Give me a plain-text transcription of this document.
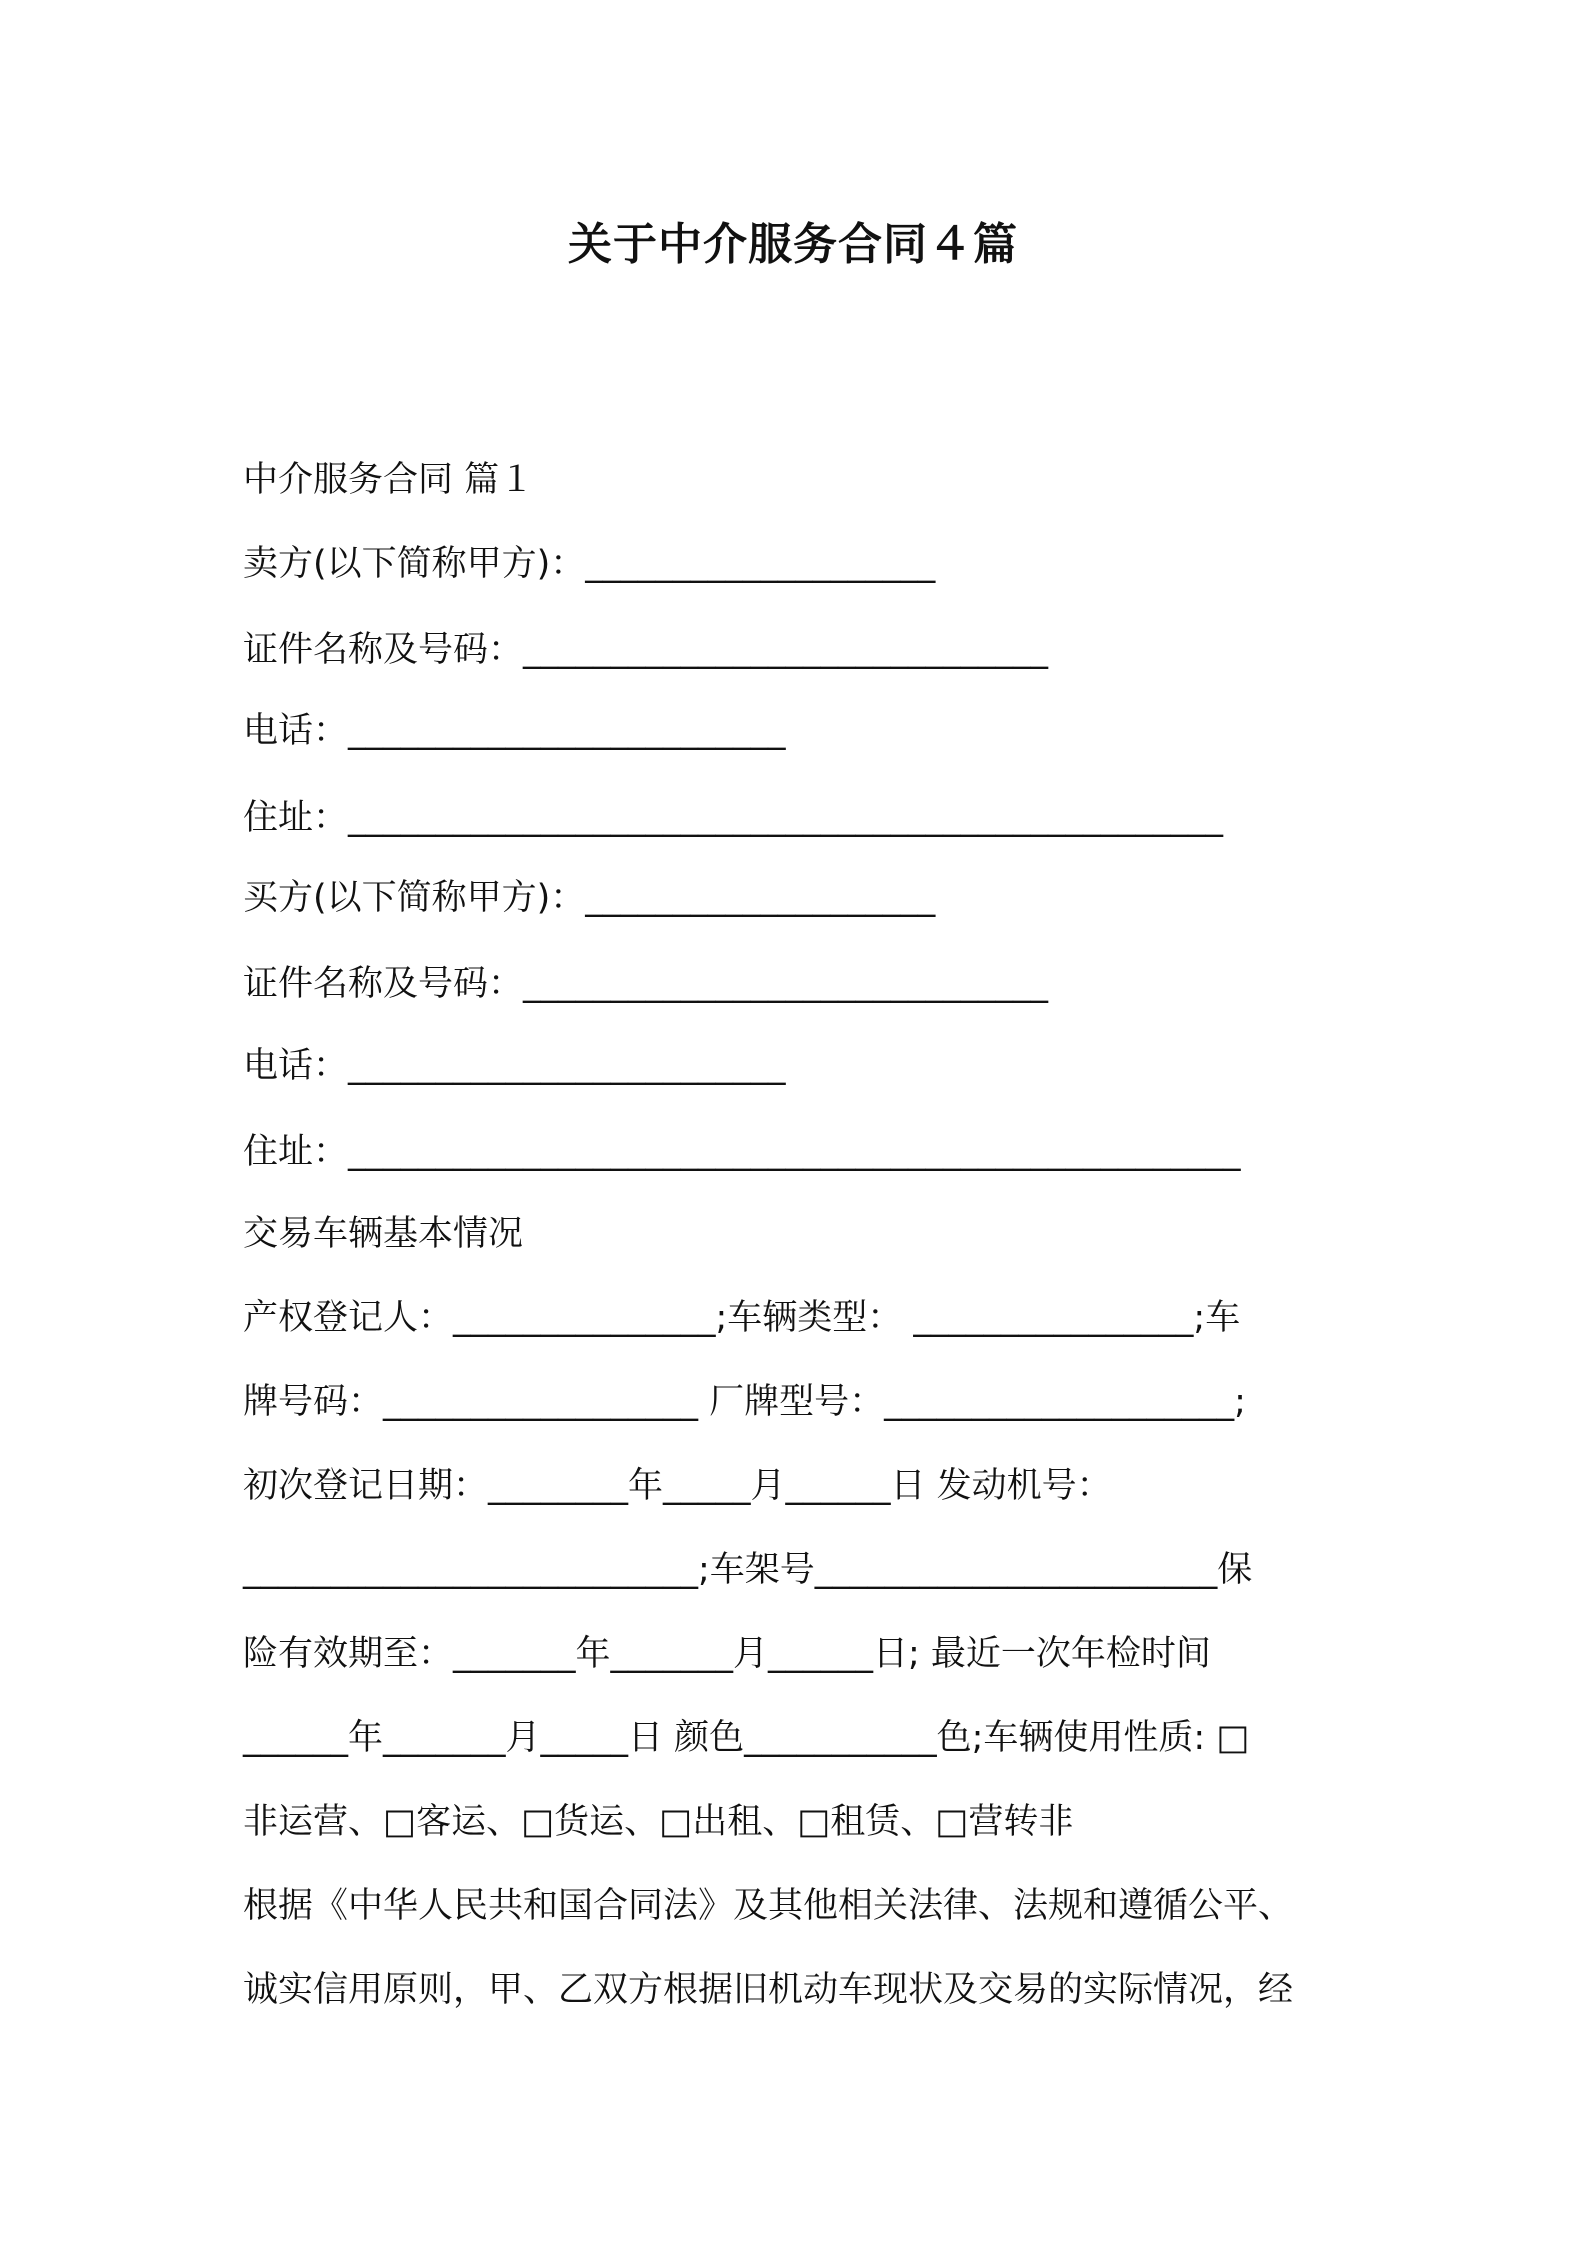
关于中介服务合同４篇
中介服务合同 篇１
卖方(以下简称甲方)：____________________
证件名称及号码：______________________________
电话：_________________________
住址：__________________________________________________
买方(以下简称甲方)：____________________
证件名称及号码：______________________________
电话：_________________________
住址：___________________________________________________
交易车辆基本情况
产权登记人：_______________;车辆类型： ________________;车
牌号码：__________________ 厂牌型号：____________________;
初次登记日期：________年_____月______日 发动机号：
__________________________;车架号_______________________保
险有效期至：_______年_______月______日; 最近一次年检时间
______年_______月_____日 颜色___________色;车辆使用性质: □
非运营、□客运、□货运、□出租、□租赁、□营转非
根据《中华人民共和国合同法》及其他相关法律、法规和遵循公平、
诚实信用原则，甲、乙双方根据旧机动车现状及交易的实际情况，经
